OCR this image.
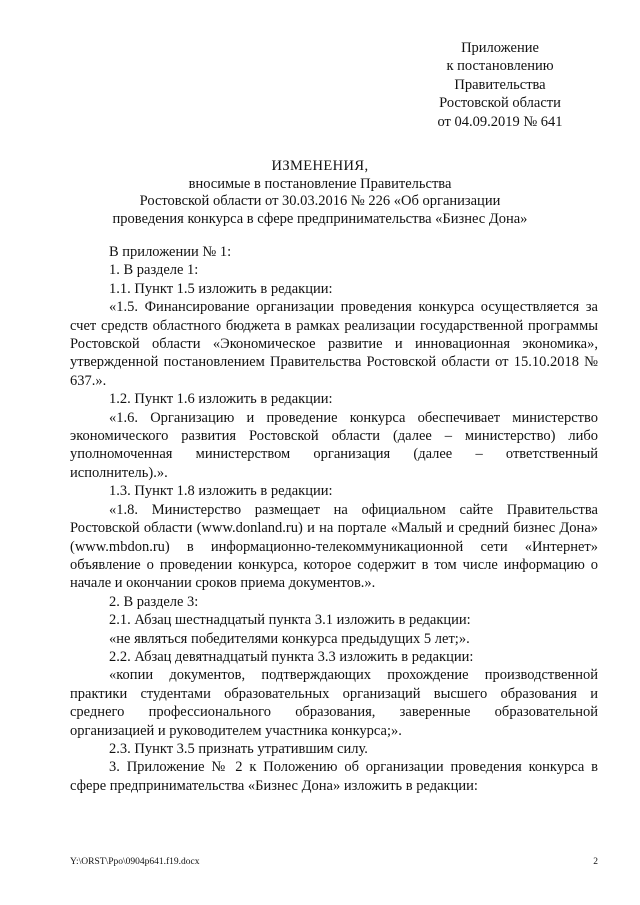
Приложение
к постановлению
Правительства
Ростовской области
от 04.09.2019 № 641
ИЗМЕНЕНИЯ,
вносимые в постановление Правительства
Ростовской области от 30.03.2016 № 226 «Об организации
проведения конкурса в сфере предпринимательства «Бизнес Дона»

В приложении № 1:

1. В разделе 1:

1.1. Пункт 1.5 изложить в редакции:

«1.5. Финансирование организации проведения конкурса осуществляется за счет средств областного бюджета в рамках реализации государственной программы Ростовской области «Экономическое развитие и инновационная экономика», утвержденной постановлением Правительства Ростовской области от 15.10.2018 № 637.».

1.2. Пункт 1.6 изложить в редакции:

«1.6. Организацию и проведение конкурса обеспечивает министерство экономического развития Ростовской области (далее – министерство) либо уполномоченная министерством организация (далее – ответственный исполнитель).».

1.3. Пункт 1.8 изложить в редакции:

«1.8. Министерство размещает на официальном сайте Правительства Ростовской области (www.donland.ru) и на портале «Малый и средний бизнес Дона» (www.mbdon.ru) в информационно-телекоммуникационной сети «Интернет» объявление о проведении конкурса, которое содержит в том числе информацию о начале и окончании сроков приема документов.».

2. В разделе 3:

2.1. Абзац шестнадцатый пункта 3.1 изложить в редакции:

«не являться победителями конкурса предыдущих 5 лет;».

2.2. Абзац девятнадцатый пункта 3.3 изложить в редакции:

«копии документов, подтверждающих прохождение производственной практики студентами образовательных организаций высшего образования и среднего профессионального образования, заверенные образовательной организацией и руководителем участника конкурса;».

2.3. Пункт 3.5 признать утратившим силу.

3. Приложение № 2 к Положению об организации проведения конкурса в сфере предпринимательства «Бизнес Дона» изложить в редакции:

Y:\ORST\Ppo\0904p641.f19.docx	2
